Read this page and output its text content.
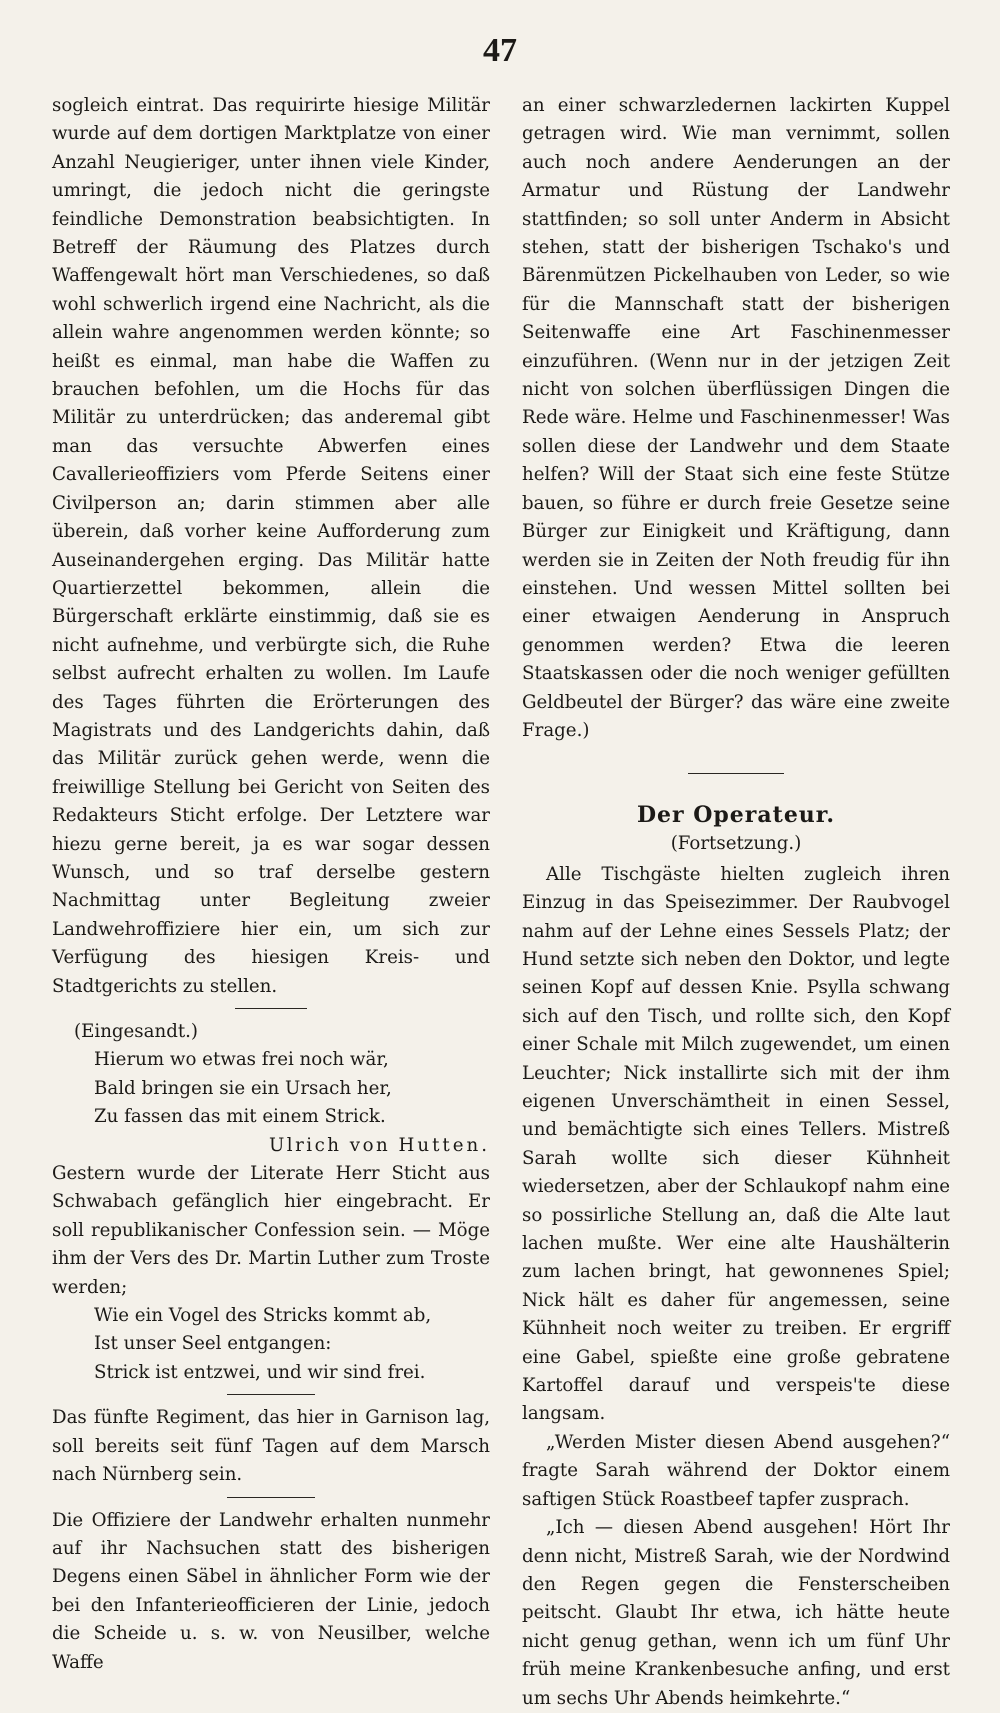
47

sogleich eintrat. Das requirirte hiesige Militär wurde auf dem dortigen Marktplatze von einer Anzahl Neugieriger, unter ihnen viele Kinder, umringt, die jedoch nicht die geringste feindliche Demonstration beabsichtigten. In Betreff der Räumung des Platzes durch Waffengewalt hört man Verschiedenes, so daß wohl schwerlich irgend eine Nachricht, als die allein wahre angenommen werden könnte; so heißt es einmal, man habe die Waffen zu brauchen befohlen, um die Hochs für das Militär zu unterdrücken; das anderemal gibt man das versuchte Abwerfen eines Cavallerieoffiziers vom Pferde Seitens einer Civilperson an; darin stimmen aber alle überein, daß vorher keine Aufforderung zum Auseinandergehen erging. Das Militär hatte Quartierzettel bekommen, allein die Bürgerschaft erklärte einstimmig, daß sie es nicht aufnehme, und verbürgte sich, die Ruhe selbst aufrecht erhalten zu wollen. Im Laufe des Tages führten die Erörterungen des Magistrats und des Landgerichts dahin, daß das Militär zurück gehen werde, wenn die freiwillige Stellung bei Gericht von Seiten des Redakteurs Sticht erfolge. Der Letztere war hiezu gerne bereit, ja es war sogar dessen Wunsch, und so traf derselbe gestern Nachmittag unter Begleitung zweier Landwehroffiziere hier ein, um sich zur Verfügung des hiesigen Kreis- und Stadtgerichts zu stellen.

(Eingesandt.)

Hierum wo etwas frei noch wär,
Bald bringen sie ein Ursach her,
Zu fassen das mit einem Strick.

Ulrich von Hutten.

Gestern wurde der Literate Herr Sticht aus Schwabach gefänglich hier eingebracht. Er soll republikanischer Confession sein. — Möge ihm der Vers des Dr. Martin Luther zum Troste werden;

Wie ein Vogel des Stricks kommt ab,
Ist unser Seel entgangen:
Strick ist entzwei, und wir sind frei.

Das fünfte Regiment, das hier in Garnison lag, soll bereits seit fünf Tagen auf dem Marsch nach Nürnberg sein.

Die Offiziere der Landwehr erhalten nunmehr auf ihr Nachsuchen statt des bisherigen Degens einen Säbel in ähnlicher Form wie der bei den Infanterieofficieren der Linie, jedoch die Scheide u. s. w. von Neusilber, welche Waffe

an einer schwarzledernen lackirten Kuppel getragen wird. Wie man vernimmt, sollen auch noch andere Aenderungen an der Armatur und Rüstung der Landwehr stattfinden; so soll unter Anderm in Absicht stehen, statt der bisherigen Tschako's und Bärenmützen Pickelhauben von Leder, so wie für die Mannschaft statt der bisherigen Seitenwaffe eine Art Faschinenmesser einzuführen. (Wenn nur in der jetzigen Zeit nicht von solchen überflüssigen Dingen die Rede wäre. Helme und Faschinenmesser! Was sollen diese der Landwehr und dem Staate helfen? Will der Staat sich eine feste Stütze bauen, so führe er durch freie Gesetze seine Bürger zur Einigkeit und Kräftigung, dann werden sie in Zeiten der Noth freudig für ihn einstehen. Und wessen Mittel sollten bei einer etwaigen Aenderung in Anspruch genommen werden? Etwa die leeren Staatskassen oder die noch weniger gefüllten Geldbeutel der Bürger? das wäre eine zweite Frage.)

Der Operateur.

(Fortsetzung.)

Alle Tischgäste hielten zugleich ihren Einzug in das Speisezimmer. Der Raubvogel nahm auf der Lehne eines Sessels Platz; der Hund setzte sich neben den Doktor, und legte seinen Kopf auf dessen Knie. Psylla schwang sich auf den Tisch, und rollte sich, den Kopf einer Schale mit Milch zugewendet, um einen Leuchter; Nick installirte sich mit der ihm eigenen Unverschämtheit in einen Sessel, und bemächtigte sich eines Tellers. Mistreß Sarah wollte sich dieser Kühnheit wiedersetzen, aber der Schlaukopf nahm eine so possirliche Stellung an, daß die Alte laut lachen mußte. Wer eine alte Haushälterin zum lachen bringt, hat gewonnenes Spiel; Nick hält es daher für angemessen, seine Kühnheit noch weiter zu treiben. Er ergriff eine Gabel, spießte eine große gebratene Kartoffel darauf und verspeis'te diese langsam.

„Werden Mister diesen Abend ausgehen?“ fragte Sarah während der Doktor einem saftigen Stück Roastbeef tapfer zusprach.

„Ich — diesen Abend ausgehen! Hört Ihr denn nicht, Mistreß Sarah, wie der Nordwind den Regen gegen die Fensterscheiben peitscht. Glaubt Ihr etwa, ich hätte heute nicht genug gethan, wenn ich um fünf Uhr früh meine Krankenbesuche anfing, und erst um sechs Uhr Abends heimkehrte.“
